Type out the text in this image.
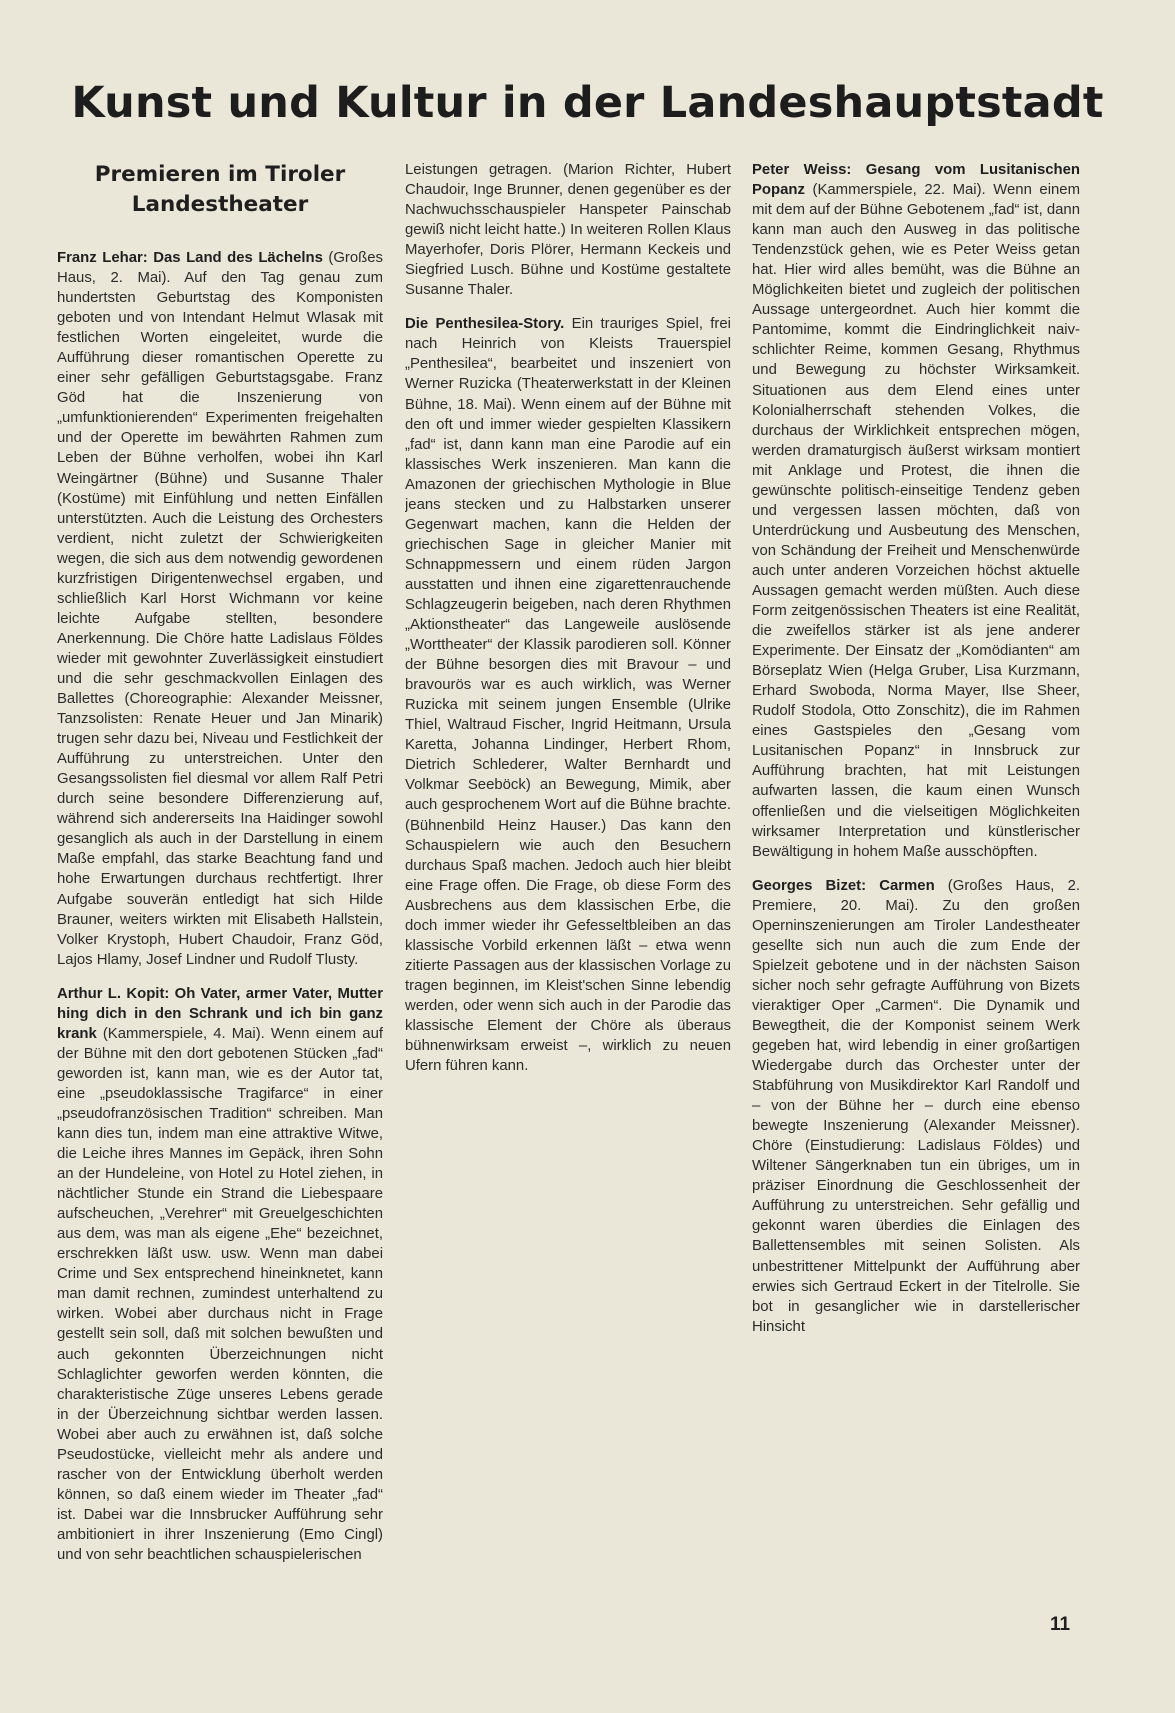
Kunst und Kultur in der Landeshauptstadt
Premieren im Tiroler Landestheater

Franz Lehar: Das Land des Lächelns (Großes Haus, 2. Mai). Auf den Tag genau zum hundertsten Geburtstag des Komponisten geboten und von Intendant Helmut Wlasak mit festlichen Worten eingeleitet, wurde die Aufführung dieser romantischen Operette zu einer sehr gefälligen Geburtstagsgabe. Franz Göd hat die Inszenierung von „umfunktionierenden“ Experimenten freigehalten und der Operette im bewährten Rahmen zum Leben der Bühne verholfen, wobei ihn Karl Weingärtner (Bühne) und Susanne Thaler (Kostüme) mit Einfühlung und netten Einfällen unterstützten. Auch die Leistung des Orchesters verdient, nicht zuletzt der Schwierigkeiten wegen, die sich aus dem notwendig gewordenen kurzfristigen Dirigentenwechsel ergaben, und schließlich Karl Horst Wichmann vor keine leichte Aufgabe stellten, besondere Anerkennung. Die Chöre hatte Ladislaus Földes wieder mit gewohnter Zuverlässigkeit einstudiert und die sehr geschmackvollen Einlagen des Ballettes (Choreographie: Alexander Meissner, Tanzsolisten: Renate Heuer und Jan Minarik) trugen sehr dazu bei, Niveau und Festlichkeit der Aufführung zu unterstreichen. Unter den Gesangssolisten fiel diesmal vor allem Ralf Petri durch seine besondere Differenzierung auf, während sich andererseits Ina Haidinger sowohl gesanglich als auch in der Darstellung in einem Maße empfahl, das starke Beachtung fand und hohe Erwartungen durchaus rechtfertigt. Ihrer Aufgabe souverän entledigt hat sich Hilde Brauner, weiters wirkten mit Elisabeth Hallstein, Volker Krystoph, Hubert Chaudoir, Franz Göd, Lajos Hlamy, Josef Lindner und Rudolf Tlusty.

Arthur L. Kopit: Oh Vater, armer Vater, Mutter hing dich in den Schrank und ich bin ganz krank (Kammerspiele, 4. Mai). Wenn einem auf der Bühne mit den dort gebotenen Stücken „fad“ geworden ist, kann man, wie es der Autor tat, eine „pseudoklassische Tragifarce“ in einer „pseudofranzösischen Tradition“ schreiben. Man kann dies tun, indem man eine attraktive Witwe, die Leiche ihres Mannes im Gepäck, ihren Sohn an der Hundeleine, von Hotel zu Hotel ziehen, in nächtlicher Stunde ein Strand die Liebespaare aufscheuchen, „Verehrer“ mit Greuelgeschichten aus dem, was man als eigene „Ehe“ bezeichnet, erschrekken läßt usw. usw. Wenn man dabei Crime und Sex entsprechend hineinknetet, kann man damit rechnen, zumindest unterhaltend zu wirken. Wobei aber durchaus nicht in Frage gestellt sein soll, daß mit solchen bewußten und auch gekonnten Überzeichnungen nicht Schlaglichter geworfen werden könnten, die charakteristische Züge unseres Lebens gerade in der Überzeichnung sichtbar werden lassen. Wobei aber auch zu erwähnen ist, daß solche Pseudostücke, vielleicht mehr als andere und rascher von der Entwicklung überholt werden können, so daß einem wieder im Theater „fad“ ist. Dabei war die Innsbrucker Aufführung sehr ambitioniert in ihrer Inszenierung (Emo Cingl) und von sehr beachtlichen schauspielerischen

Leistungen getragen. (Marion Richter, Hubert Chaudoir, Inge Brunner, denen gegenüber es der Nachwuchsschauspieler Hanspeter Painschab gewiß nicht leicht hatte.) In weiteren Rollen Klaus Mayerhofer, Doris Plörer, Hermann Keckeis und Siegfried Lusch. Bühne und Kostüme gestaltete Susanne Thaler.

Die Penthesilea-Story. Ein trauriges Spiel, frei nach Heinrich von Kleists Trauerspiel „Penthesilea“, bearbeitet und inszeniert von Werner Ruzicka (Theaterwerkstatt in der Kleinen Bühne, 18. Mai). Wenn einem auf der Bühne mit den oft und immer wieder gespielten Klassikern „fad“ ist, dann kann man eine Parodie auf ein klassisches Werk inszenieren. Man kann die Amazonen der griechischen Mythologie in Blue jeans stecken und zu Halbstarken unserer Gegenwart machen, kann die Helden der griechischen Sage in gleicher Manier mit Schnappmessern und einem rüden Jargon ausstatten und ihnen eine zigarettenrauchende Schlagzeugerin beigeben, nach deren Rhythmen „Aktionstheater“ das Langeweile auslösende „Worttheater“ der Klassik parodieren soll. Könner der Bühne besorgen dies mit Bravour – und bravourös war es auch wirklich, was Werner Ruzicka mit seinem jungen Ensemble (Ulrike Thiel, Waltraud Fischer, Ingrid Heitmann, Ursula Karetta, Johanna Lindinger, Herbert Rhom, Dietrich Schlederer, Walter Bernhardt und Volkmar Seeböck) an Bewegung, Mimik, aber auch gesprochenem Wort auf die Bühne brachte. (Bühnenbild Heinz Hauser.) Das kann den Schauspielern wie auch den Besuchern durchaus Spaß machen. Jedoch auch hier bleibt eine Frage offen. Die Frage, ob diese Form des Ausbrechens aus dem klassischen Erbe, die doch immer wieder ihr Gefesseltbleiben an das klassische Vorbild erkennen läßt – etwa wenn zitierte Passagen aus der klassischen Vorlage zu tragen beginnen, im Kleist'schen Sinne lebendig werden, oder wenn sich auch in der Parodie das klassische Element der Chöre als überaus bühnenwirksam erweist –, wirklich zu neuen Ufern führen kann.

Peter Weiss: Gesang vom Lusitanischen Popanz (Kammerspiele, 22. Mai). Wenn einem mit dem auf der Bühne Gebotenem „fad“ ist, dann kann man auch den Ausweg in das politische Tendenzstück gehen, wie es Peter Weiss getan hat. Hier wird alles bemüht, was die Bühne an Möglichkeiten bietet und zugleich der politischen Aussage untergeordnet. Auch hier kommt die Pantomime, kommt die Eindringlichkeit naiv-schlichter Reime, kommen Gesang, Rhythmus und Bewegung zu höchster Wirksamkeit. Situationen aus dem Elend eines unter Kolonialherrschaft stehenden Volkes, die durchaus der Wirklichkeit entsprechen mögen, werden dramaturgisch äußerst wirksam montiert mit Anklage und Protest, die ihnen die gewünschte politisch-einseitige Tendenz geben und vergessen lassen möchten, daß von Unterdrückung und Ausbeutung des Menschen, von Schändung der Freiheit und Menschenwürde auch unter anderen Vorzeichen höchst aktuelle Aussagen gemacht werden müßten. Auch diese Form zeitgenössischen Theaters ist eine Realität, die zweifellos stärker ist als jene anderer Experimente. Der Einsatz der „Komödianten“ am Börseplatz Wien (Helga Gruber, Lisa Kurzmann, Erhard Swoboda, Norma Mayer, Ilse Sheer, Rudolf Stodola, Otto Zonschitz), die im Rahmen eines Gastspieles den „Gesang vom Lusitanischen Popanz“ in Innsbruck zur Aufführung brachten, hat mit Leistungen aufwarten lassen, die kaum einen Wunsch offenließen und die vielseitigen Möglichkeiten wirksamer Interpretation und künstlerischer Bewältigung in hohem Maße ausschöpften.

Georges Bizet: Carmen (Großes Haus, 2. Premiere, 20. Mai). Zu den großen Operninszenierungen am Tiroler Landestheater gesellte sich nun auch die zum Ende der Spielzeit gebotene und in der nächsten Saison sicher noch sehr gefragte Aufführung von Bizets vieraktiger Oper „Carmen“. Die Dynamik und Bewegtheit, die der Komponist seinem Werk gegeben hat, wird lebendig in einer großartigen Wiedergabe durch das Orchester unter der Stabführung von Musikdirektor Karl Randolf und – von der Bühne her – durch eine ebenso bewegte Inszenierung (Alexander Meissner). Chöre (Einstudierung: Ladislaus Földes) und Wiltener Sängerknaben tun ein übriges, um in präziser Einordnung die Geschlossenheit der Aufführung zu unterstreichen. Sehr gefällig und gekonnt waren überdies die Einlagen des Ballettensembles mit seinen Solisten. Als unbestrittener Mittelpunkt der Aufführung aber erwies sich Gertraud Eckert in der Titelrolle. Sie bot in gesanglicher wie in darstellerischer Hinsicht

11
